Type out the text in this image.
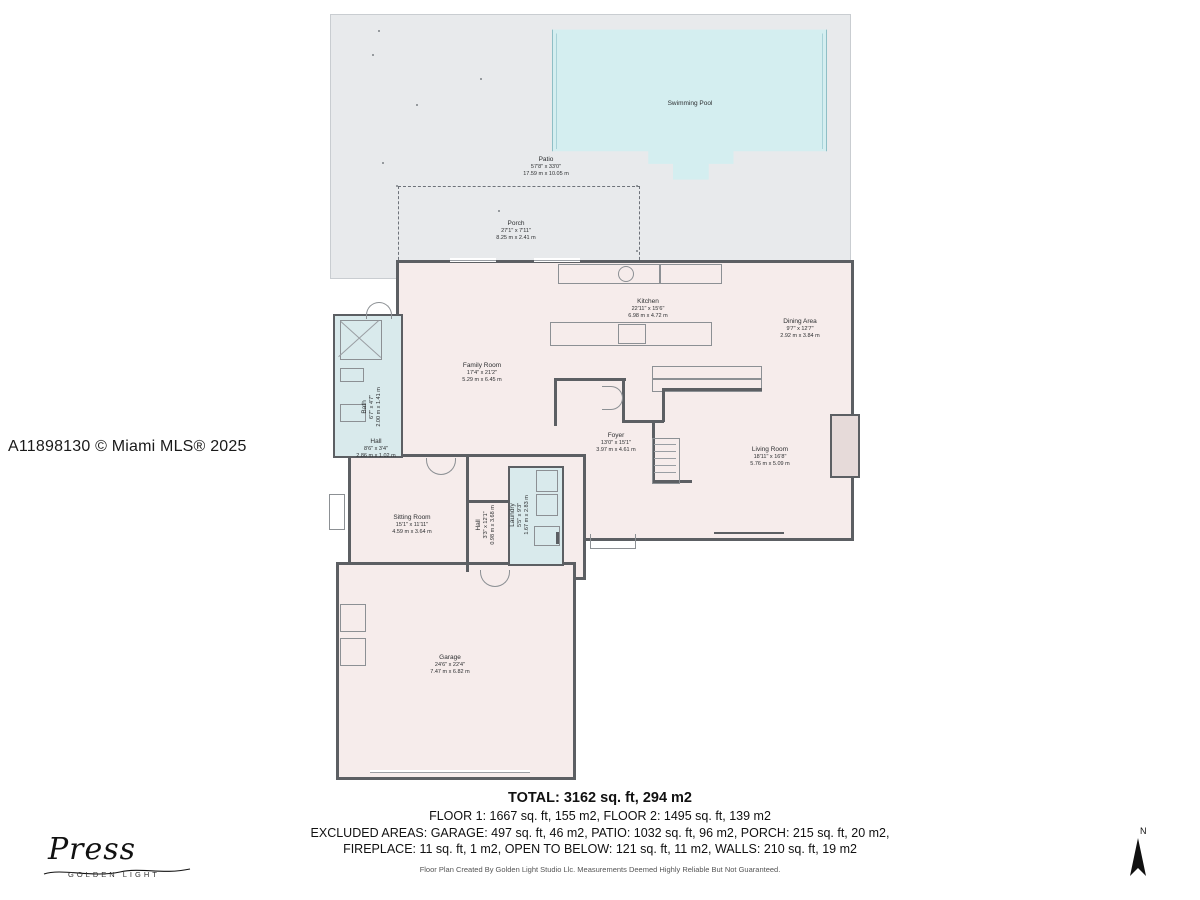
A11898130 © Miami MLS® 2025
Swimming Pool
Patio
57'8" x 33'0"
17.59 m x 10.05 m
Porch
27'1" x 7'11"
8.25 m x 2.41 m
Family Room
17'4" x 21'2"
5.29 m x 6.45 m
Kitchen
22'11" x 15'6"
6.98 m x 4.72 m
Dining Area
9'7" x 12'7"
2.92 m x 3.84 m
Living Room
18'11" x 16'8"
5.76 m x 5.09 m
Foyer
13'0" x 15'1"
3.97 m x 4.61 m
Bath 6'7" x 4'7" 2.00 m x 1.41 m
Hall
8'6" x 3'4"
2.86 m x 1.02 m
Sitting Room
15'1" x 11'11"
4.59 m x 3.64 m
Hall 3'3" x 12'1" 0.98 m x 3.68 m Laundry 5'5" x 9'3" 1.67 m x 2.83 m
Garage
24'6" x 22'4"
7.47 m x 6.82 m
TOTAL: 3162 sq. ft, 294 m2
FLOOR 1: 1667 sq. ft, 155 m2, FLOOR 2: 1495 sq. ft, 139 m2
EXCLUDED AREAS: GARAGE: 497 sq. ft, 46 m2, PATIO: 1032 sq. ft, 96 m2, PORCH: 215 sq. ft, 20 m2,
FIREPLACE: 11 sq. ft, 1 m2, OPEN TO BELOW: 121 sq. ft, 11 m2, WALLS: 210 sq. ft, 19 m2
Floor Plan Created By Golden Light Studio Llc. Measurements Deemed Highly Reliable But Not Guaranteed.
Press
GOLDEN LIGHT
N
